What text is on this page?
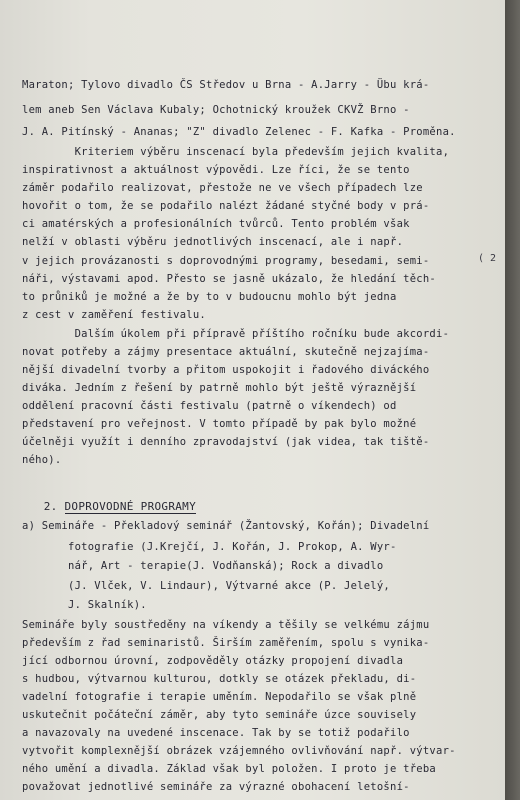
Maraton; Tylovo divadlo ČS Středov u Brna - A.Jarry - Übu krá-
lem aneb Sen Václava Kubaly; Ochotnický kroužek CKVŽ Brno -
J. A. Pitínský - Ananas; "Z" divadlo Zelenec - F. Kafka - Proměna.
Kriteriem výběru inscenací byla především jejich kvalita,
inspirativnost a aktuálnost výpovědi. Lze říci, že se tento
záměr podařilo realizovat, přestože ne ve všech případech lze
hovořit o tom, že se podařilo nalézt žádané styčné body v prá-
ci amatérských a profesionálních tvůrců. Tento problém však
nelží v oblasti výběru jednotlivých inscenací, ale i např.
v jejich provázanosti s doprovodnými programy, besedami, semi-
náři, výstavami apod. Přesto se jasně ukázalo, že hledání těch-
to průniků je možné a že by to v budoucnu mohlo být jedna
z cest v zaměření festivalu.
Dalším úkolem při přípravě příštího ročníku bude akcordi-
novat potřeby a zájmy presentace aktuální, skutečně nejzajíma-
nější divadelní tvorby a přitom uspokojit i řadového diváckého
diváka. Jedním z řešení by patrně mohlo být ještě výraznější
oddělení pracovní části festivalu (patrně o víkendech) od
představení pro veřejnost. V tomto případě by pak bylo možné
účelněji využít i denního zpravodajství (jak videa, tak tiště-
ného).
( 2

2. DOPROVODNÉ PROGRAMY

a) Semináře - Překladový seminář (Žantovský, Kořán); Divadelní
fotografie (J.Krejčí, J. Kořán, J. Prokop, A. Wyr-
nář, Art - terapie(J. Vodňanská); Rock a divadlo
(J. Vlček, V. Lindaur), Výtvarné akce (P. Jelelý,
J. Skalník).
Semináře byly soustředěny na víkendy a těšily se velkému zájmu
především z řad seminaristů. Širším zaměřením, spolu s vynika-
jící odbornou úrovní, zodpověděly otázky propojení divadla
s hudbou, výtvarnou kulturou, dotkly se otázek překladu, di-
vadelní fotografie i terapie uměním. Nepodařilo se však plně
uskutečnit počáteční záměr, aby tyto semináře úzce souvisely
a navazovaly na uvedené inscenace. Tak by se totiž podařilo
vytvořit komplexnější obrázek vzájemného ovlivňování např. výtvar-
ného umění a divadla. Základ však byl položen. I proto je třeba
považovat jednotlivé semináře za výrazné obohacení letošní-
